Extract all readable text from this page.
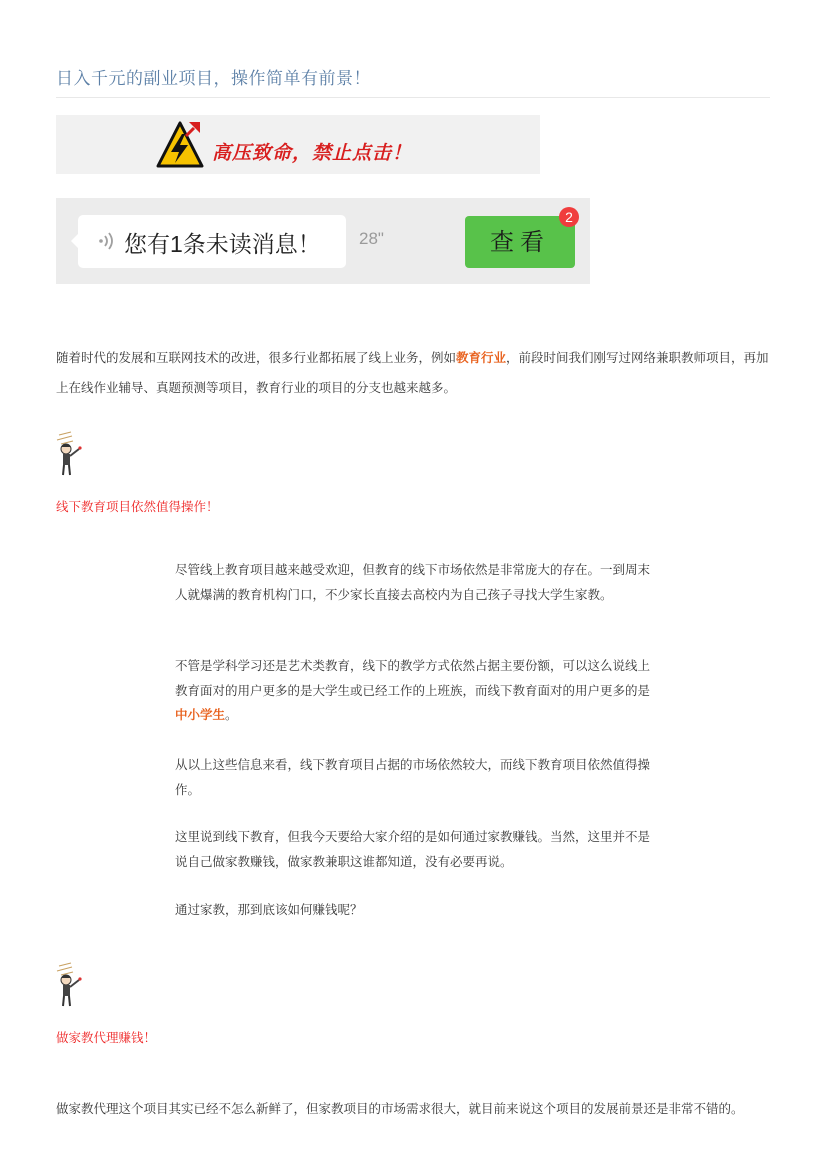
日入千元的副业项目，操作简单有前景！
高压致命，禁止点击！
您有1条未读消息！ 28"	查看
2
随着时代的发展和互联网技术的改进，很多行业都拓展了线上业务，例如教育行业，前段时间我们刚写过网络兼职教师项目，再加上在线作业辅导、真题预测等项目，教育行业的项目的分支也越来越多。
线下教育项目依然值得操作！
尽管线上教育项目越来越受欢迎，但教育的线下市场依然是非常庞大的存在。一到周末人就爆满的教育机构门口，不少家长直接去高校内为自己孩子寻找大学生家教。
不管是学科学习还是艺术类教育，线下的教学方式依然占据主要份额，可以这么说线上教育面对的用户更多的是大学生或已经工作的上班族，而线下教育面对的用户更多的是中小学生。
从以上这些信息来看，线下教育项目占据的市场依然较大，而线下教育项目依然值得操作。
这里说到线下教育，但我今天要给大家介绍的是如何通过家教赚钱。当然，这里并不是说自己做家教赚钱，做家教兼职这谁都知道，没有必要再说。
通过家教，那到底该如何赚钱呢？
做家教代理赚钱！
做家教代理这个项目其实已经不怎么新鲜了，但家教项目的市场需求很大，就目前来说这个项目的发展前景还是非常不错的。
